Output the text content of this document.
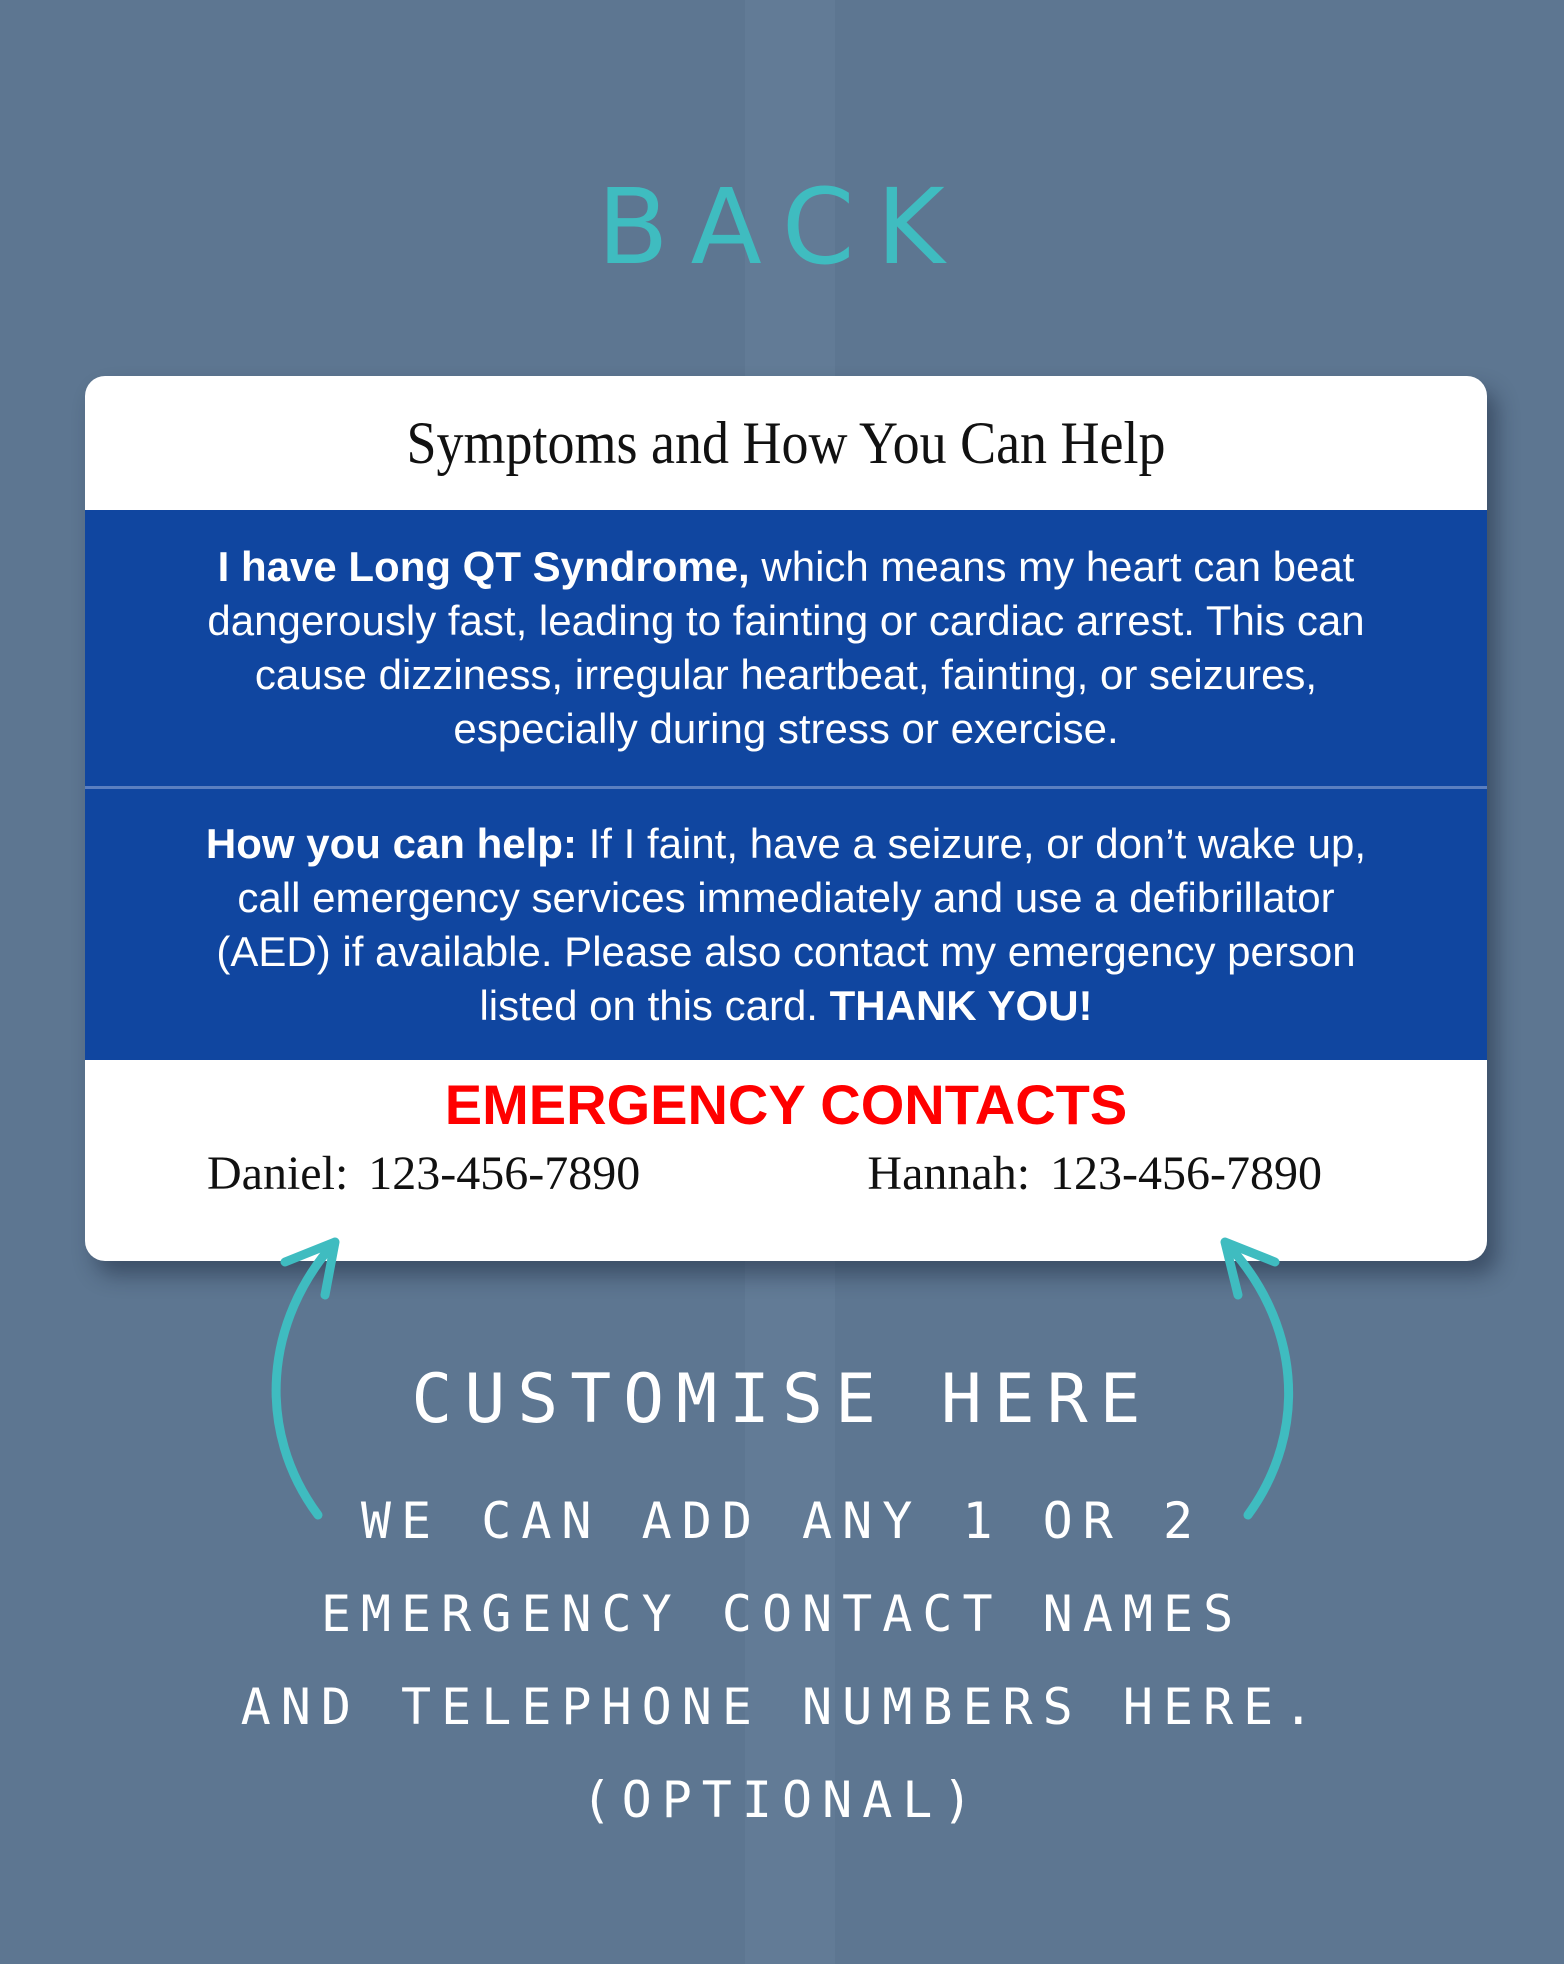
BACK
Symptoms and How You Can Help

I have Long QT Syndrome, which means my heart can beat dangerously fast, leading to fainting or cardiac arrest. This can cause dizziness, irregular heartbeat, fainting, or seizures, especially during stress or exercise.

How you can help: If I faint, have a seizure, or don’t wake up, call emergency services immediately and use a defibrillator (AED) if available. Please also contact my emergency person listed on this card. THANK YOU!

EMERGENCY CONTACTS
Daniel: 123-456-7890	Hannah: 123-456-7890
CUSTOMISE HERE
WE CAN ADD ANY 1 OR 2
EMERGENCY CONTACT NAMES
AND TELEPHONE NUMBERS HERE.
(OPTIONAL)
